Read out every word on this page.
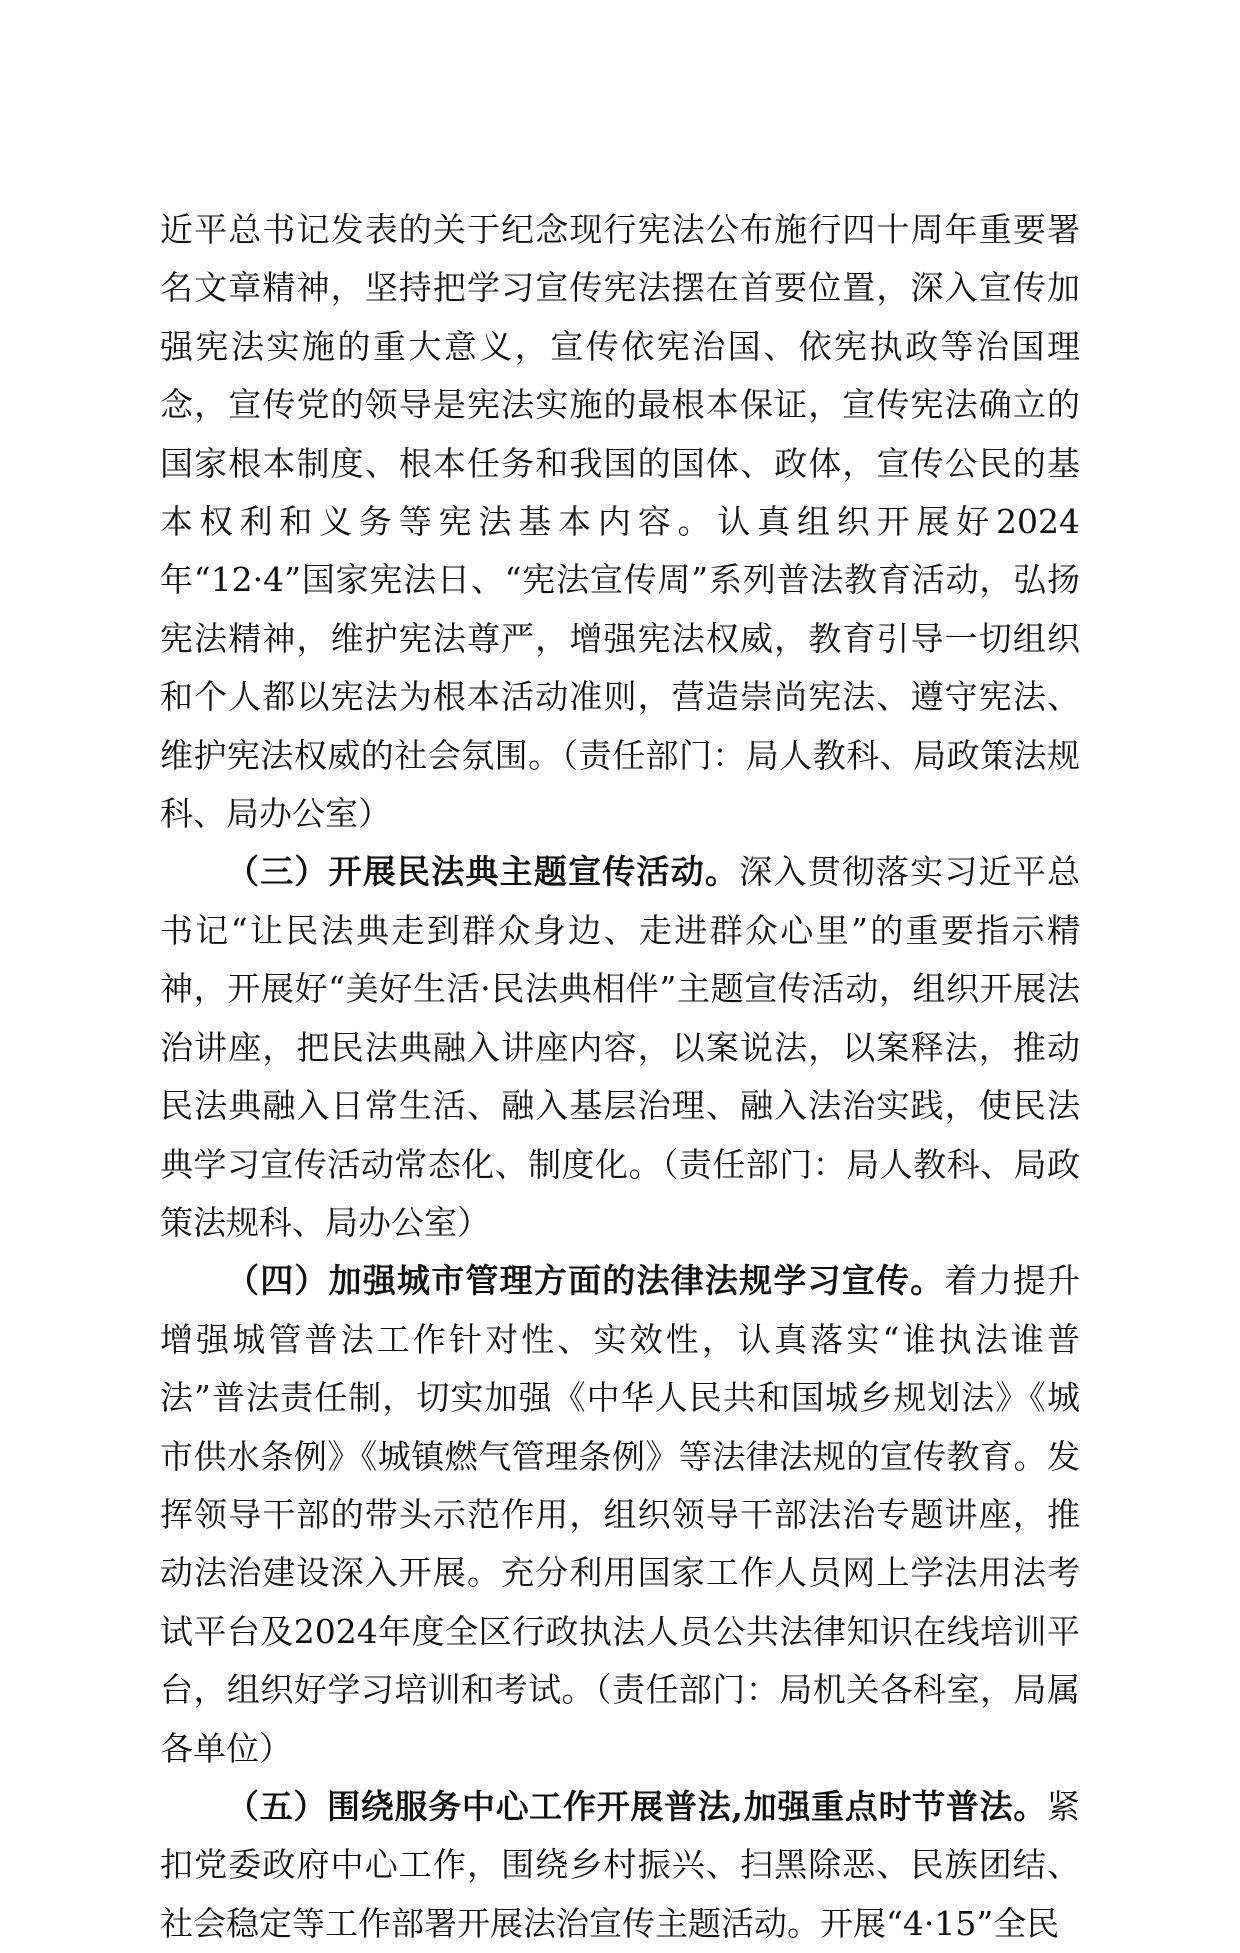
近平总书记发表的关于纪念现行宪法公布施行四十周年重要署名文章精神，坚持把学习宣传宪法摆在首要位置，深入宣传加强宪法实施的重大意义，宣传依宪治国、依宪执政等治国理念，宣传党的领导是宪法实施的最根本保证，宣传宪法确立的国家根本制度、根本任务和我国的国体、政体，宣传公民的基本权利和义务等宪法基本内容。认真组织开展好2024年“12·4”国家宪法日、“宪法宣传周”系列普法教育活动，弘扬宪法精神，维护宪法尊严，增强宪法权威，教育引导一切组织和个人都以宪法为根本活动准则，营造崇尚宪法、遵守宪法、维护宪法权威的社会氛围。（责任部门：局人教科、局政策法规科、局办公室）

（三）开展民法典主题宣传活动。深入贯彻落实习近平总书记“让民法典走到群众身边、走进群众心里”的重要指示精神，开展好“美好生活·民法典相伴”主题宣传活动，组织开展法治讲座，把民法典融入讲座内容，以案说法，以案释法，推动民法典融入日常生活、融入基层治理、融入法治实践，使民法典学习宣传活动常态化、制度化。（责任部门：局人教科、局政策法规科、局办公室）

（四）加强城市管理方面的法律法规学习宣传。着力提升增强城管普法工作针对性、实效性，认真落实“谁执法谁普法”普法责任制，切实加强《中华人民共和国城乡规划法》《城市供水条例》《城镇燃气管理条例》等法律法规的宣传教育。发挥领导干部的带头示范作用，组织领导干部法治专题讲座，推动法治建设深入开展。充分利用国家工作人员网上学法用法考试平台及2024年度全区行政执法人员公共法律知识在线培训平台，组织好学习培训和考试。（责任部门：局机关各科室，局属各单位）

（五）围绕服务中心工作开展普法,加强重点时节普法。紧扣党委政府中心工作，围绕乡村振兴、扫黑除恶、民族团结、社会稳定等工作部署开展法治宣传主题活动。开展“4·15”全民
